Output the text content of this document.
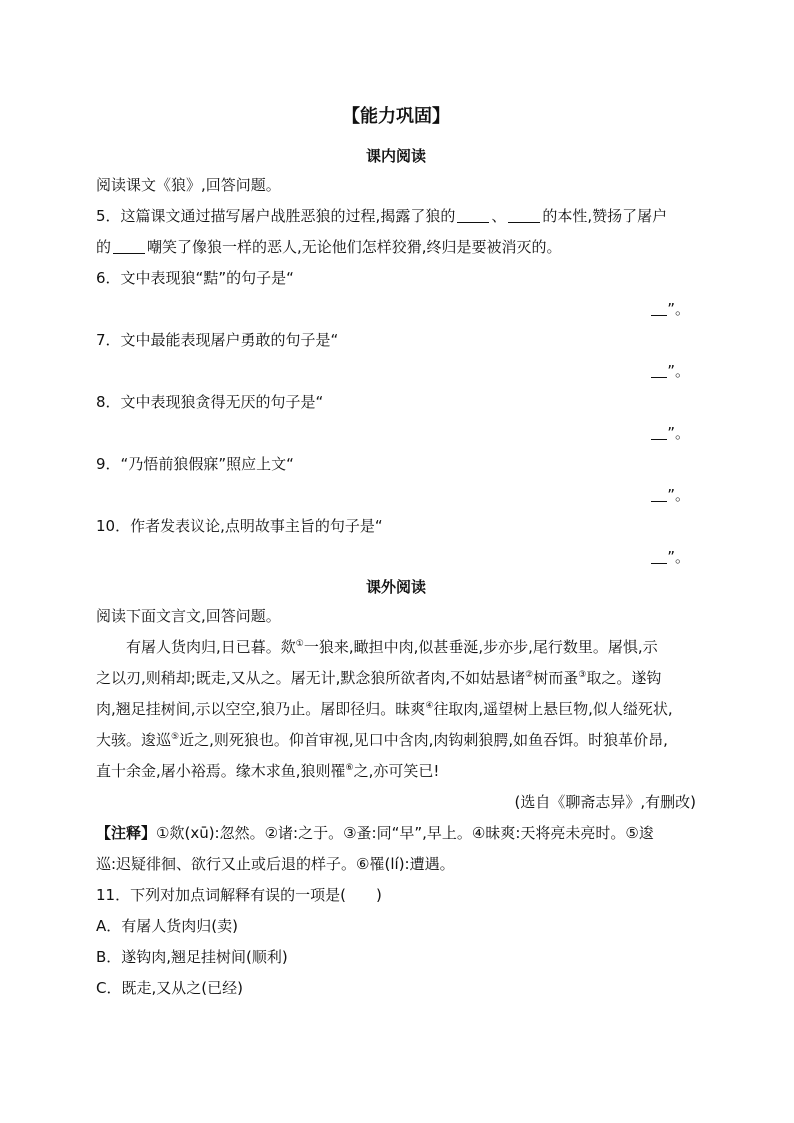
【能力巩固】
课内阅读
阅读课文《狼》,回答问题。
5．这篇课文通过描写屠户战胜恶狼的过程,揭露了狼的 、 的本性,赞扬了屠户
的 嘲笑了像狼一样的恶人,无论他们怎样狡猾,终归是要被消灭的。
6．文中表现狼“黠”的句子是“
”。
7．文中最能表现屠户勇敢的句子是“
”。
8．文中表现狼贪得无厌的句子是“
”。
9．“乃悟前狼假寐”照应上文“
”。
10．作者发表议论,点明故事主旨的句子是“
”。
课外阅读
阅读下面文言文,回答问题。
有屠人货肉归,日已暮。欻①一狼来,瞰担中肉,似甚垂涎,步亦步,尾行数里。屠惧,示
之以刃,则稍却;既走,又从之。屠无计,默念狼所欲者肉,不如姑悬诸②树而蚤③取之。遂钩
肉,翘足挂树间,示以空空,狼乃止。屠即径归。昧爽④往取肉,遥望树上悬巨物,似人缢死状,
大骇。逡巡⑤近之,则死狼也。仰首审视,见口中含肉,肉钩刺狼腭,如鱼吞饵。时狼革价昂,
直十余金,屠小裕焉。缘木求鱼,狼则罹⑥之,亦可笑已!
(选自《聊斋志异》,有删改)
【注释】①欻(xū):忽然。②诸:之于。③蚤:同“早”,早上。④昧爽:天将亮未亮时。⑤逡
巡:迟疑徘徊、欲行又止或后退的样子。⑥罹(lí):遭遇。
11．下列对加点词解释有误的一项是(　　)
A．有屠人货肉归(卖)
B．遂钩肉,翘足挂树间(顺利)
C．既走,又从之(已经)
